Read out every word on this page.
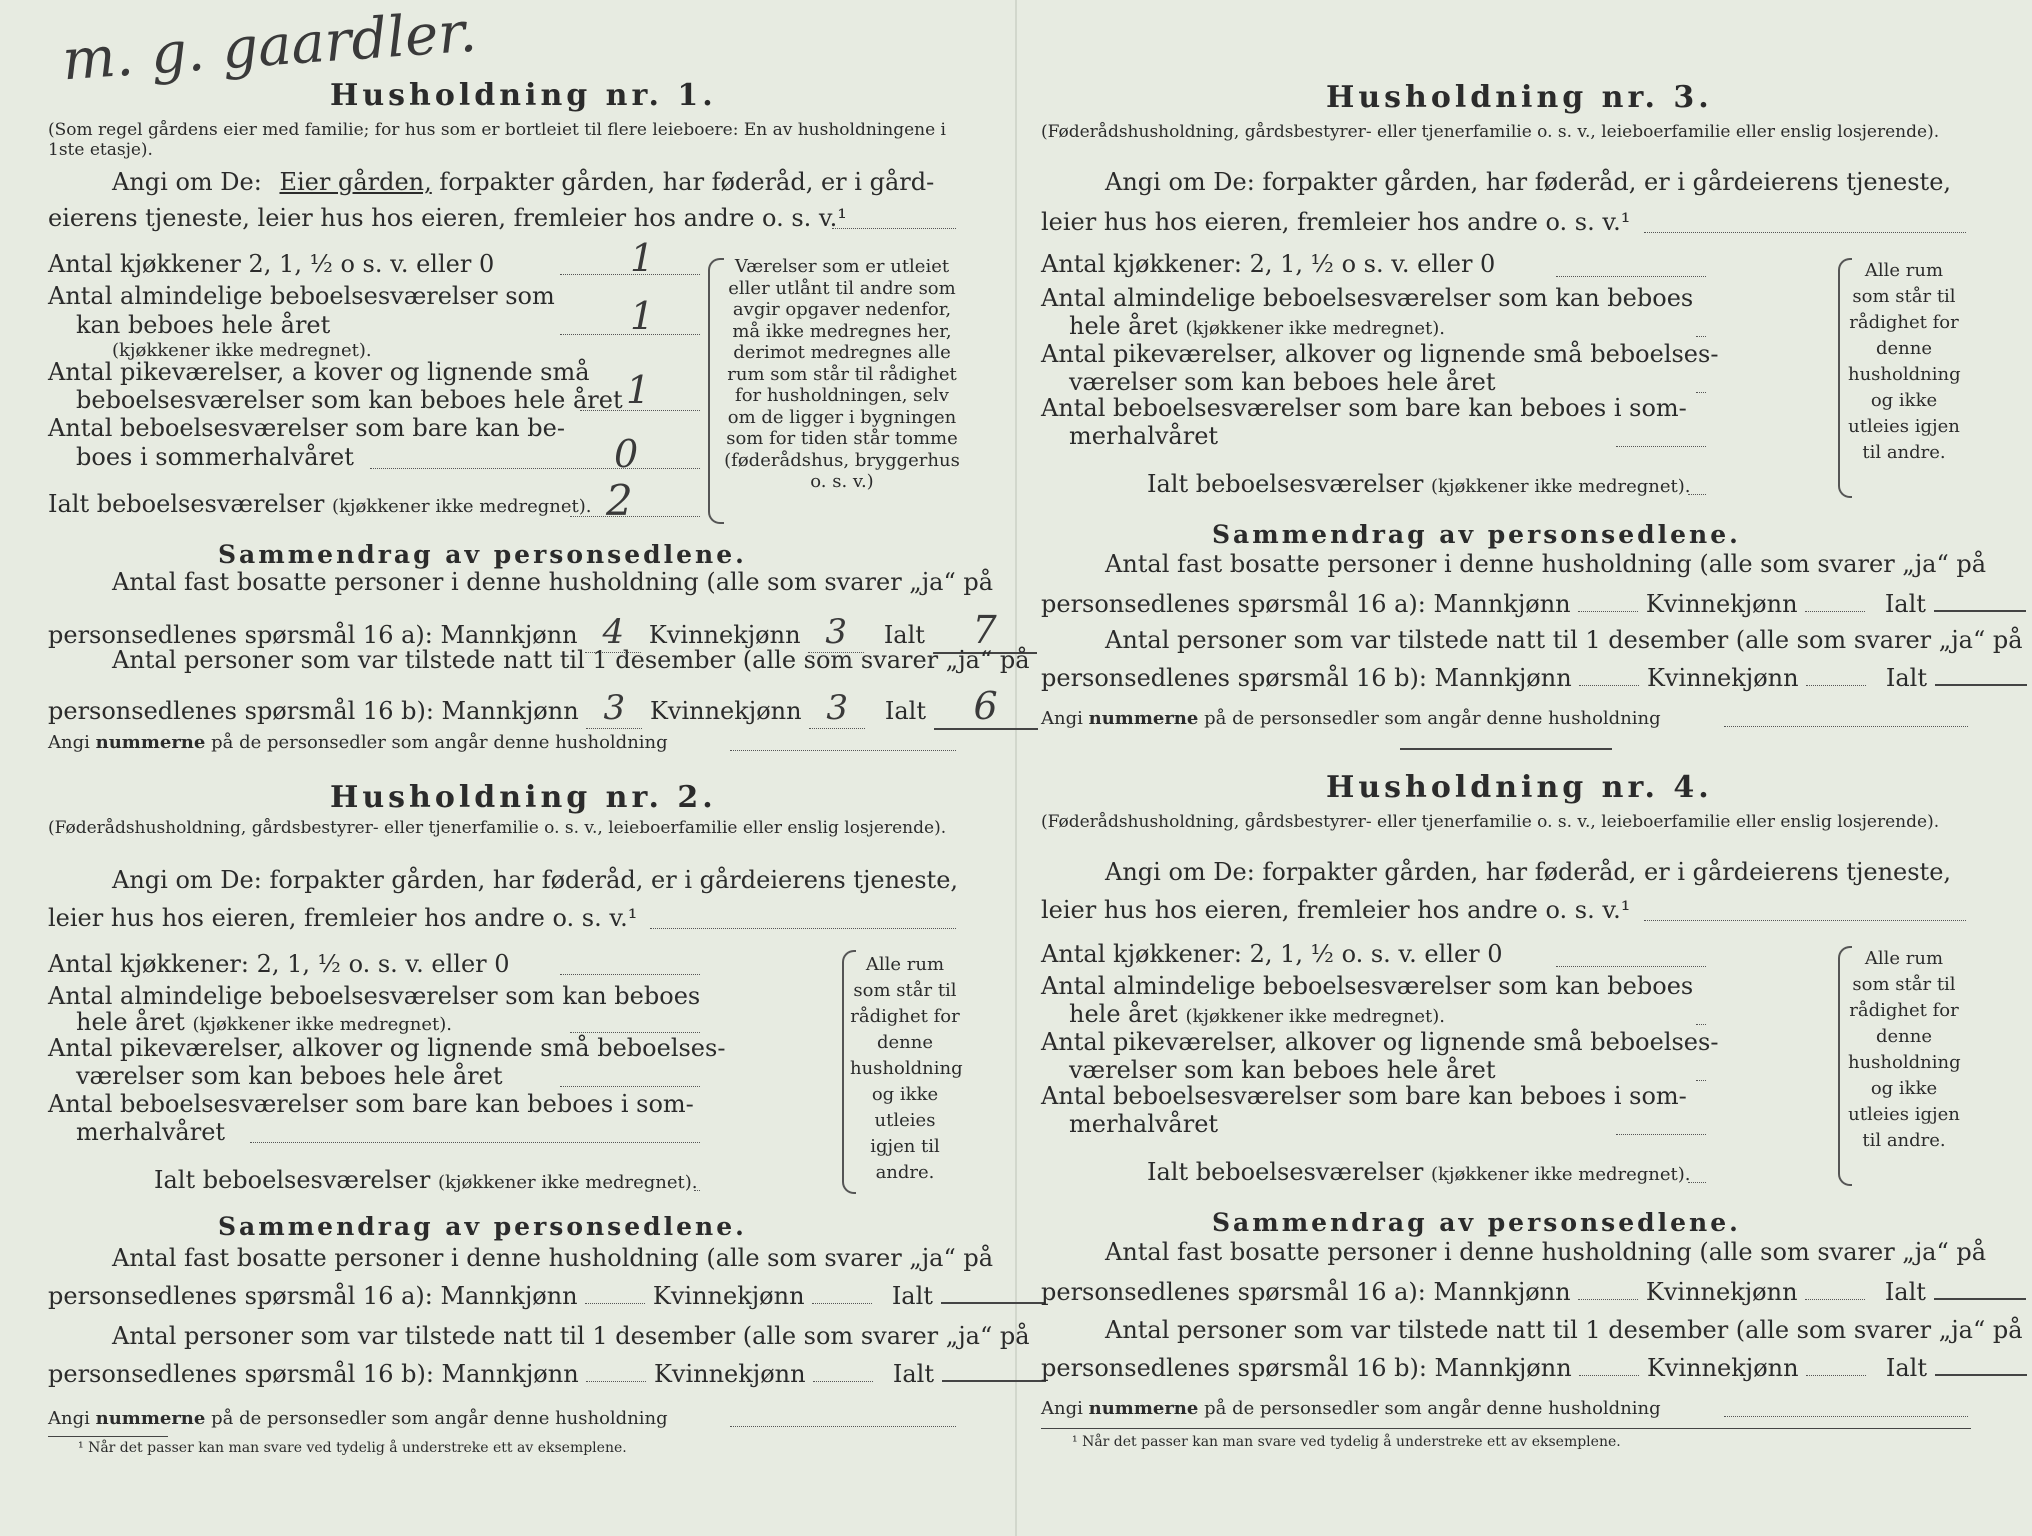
m. g. gaardler.
Husholdning nr. 1.
(Som regel gårdens eier med familie; for hus som er bortleiet til flere leieboere: En av husholdningene i 1ste etasje).
Angi om De: Eier gården, forpakter gården, har føderåd, er i gård-
eierens tjeneste, leier hus hos eieren, fremleier hos andre o. s. v.¹
Antal kjøkkener 2, 1, ½ o s. v. eller 0	1
Antal almindelige beboelsesværelser som
kan beboes hele året
(kjøkkener ikke medregnet).
1
Antal pikeværelser, a kover og lignende små
beboelsesværelser som kan beboes hele året 1
Antal beboelsesværelser som bare kan be-
boes i sommerhalvåret	0
Ialt beboelsesværelser (kjøkkener ikke medregnet). 2
Værelser som er utleiet eller utlånt til andre som avgir opgaver nedenfor, må ikke medregnes her, derimot medregnes alle rum som står til rådighet for husholdningen, selv om de ligger i bygningen som for tiden står tomme (føderådshus, bryggerhus o. s. v.)
Sammendrag av personsedlene.
Antal fast bosatte personer i denne husholdning (alle som svarer „ja“ på
personsedlenes spørsmål 16 a): Mannkjønn 4 Kvinnekjønn 3 Ialt 7
Antal personer som var tilstede natt til 1 desember (alle som svarer „ja“ på
personsedlenes spørsmål 16 b): Mannkjønn 3 Kvinnekjønn 3 Ialt 6
Angi nummerne på de personsedler som angår denne husholdning
Husholdning nr. 2.
(Føderådshusholdning, gårdsbestyrer- eller tjenerfamilie o. s. v., leieboerfamilie eller enslig losjerende).
Angi om De: forpakter gården, har føderåd, er i gårdeierens tjeneste,
leier hus hos eieren, fremleier hos andre o. s. v.¹
Antal kjøkkener: 2, 1, ½ o. s. v. eller 0
Antal almindelige beboelsesværelser som kan beboes
hele året (kjøkkener ikke medregnet).
Antal pikeværelser, alkover og lignende små beboelses-
værelser som kan beboes hele året
Antal beboelsesværelser som bare kan beboes i som-
merhalvåret
Ialt beboelsesværelser (kjøkkener ikke medregnet).
Alle rum som står til rådighet for denne husholdning og ikke utleies igjen til andre.
Sammendrag av personsedlene.
Antal fast bosatte personer i denne husholdning (alle som svarer „ja“ på
personsedlenes spørsmål 16 a): Mannkjønn	Kvinnekjønn	Ialt
Antal personer som var tilstede natt til 1 desember (alle som svarer „ja“ på
personsedlenes spørsmål 16 b): Mannkjønn	Kvinnekjønn	Ialt
Angi nummerne på de personsedler som angår denne husholdning
¹ Når det passer kan man svare ved tydelig å understreke ett av eksemplene.
Husholdning nr. 3.
(Føderådshusholdning, gårdsbestyrer- eller tjenerfamilie o. s. v., leieboerfamilie eller enslig losjerende).
Angi om De: forpakter gården, har føderåd, er i gårdeierens tjeneste,
leier hus hos eieren, fremleier hos andre o. s. v.¹
Antal kjøkkener: 2, 1, ½ o s. v. eller 0
Antal almindelige beboelsesværelser som kan beboes
hele året (kjøkkener ikke medregnet).
Antal pikeværelser, alkover og lignende små beboelses-
værelser som kan beboes hele året
Antal beboelsesværelser som bare kan beboes i som-
merhalvåret
Ialt beboelsesværelser (kjøkkener ikke medregnet).
Alle rum som står til rådighet for denne husholdning og ikke utleies igjen til andre.
Sammendrag av personsedlene.
Antal fast bosatte personer i denne husholdning (alle som svarer „ja“ på
personsedlenes spørsmål 16 a): Mannkjønn	Kvinnekjønn	Ialt
Antal personer som var tilstede natt til 1 desember (alle som svarer „ja“ på
personsedlenes spørsmål 16 b): Mannkjønn	Kvinnekjønn	Ialt
Angi nummerne på de personsedler som angår denne husholdning
Husholdning nr. 4.
(Føderådshusholdning, gårdsbestyrer- eller tjenerfamilie o. s. v., leieboerfamilie eller enslig losjerende).
Angi om De: forpakter gården, har føderåd, er i gårdeierens tjeneste,
leier hus hos eieren, fremleier hos andre o. s. v.¹
Antal kjøkkener: 2, 1, ½ o. s. v. eller 0
Antal almindelige beboelsesværelser som kan beboes
hele året (kjøkkener ikke medregnet).
Antal pikeværelser, alkover og lignende små beboelses-
værelser som kan beboes hele året
Antal beboelsesværelser som bare kan beboes i som-
merhalvåret
Ialt beboelsesværelser (kjøkkener ikke medregnet).
Alle rum som står til rådighet for denne husholdning og ikke utleies igjen til andre.
Sammendrag av personsedlene.
Antal fast bosatte personer i denne husholdning (alle som svarer „ja“ på
personsedlenes spørsmål 16 a): Mannkjønn	Kvinnekjønn	Ialt
Antal personer som var tilstede natt til 1 desember (alle som svarer „ja“ på
personsedlenes spørsmål 16 b): Mannkjønn	Kvinnekjønn	Ialt
Angi nummerne på de personsedler som angår denne husholdning
¹ Når det passer kan man svare ved tydelig å understreke ett av eksemplene.
